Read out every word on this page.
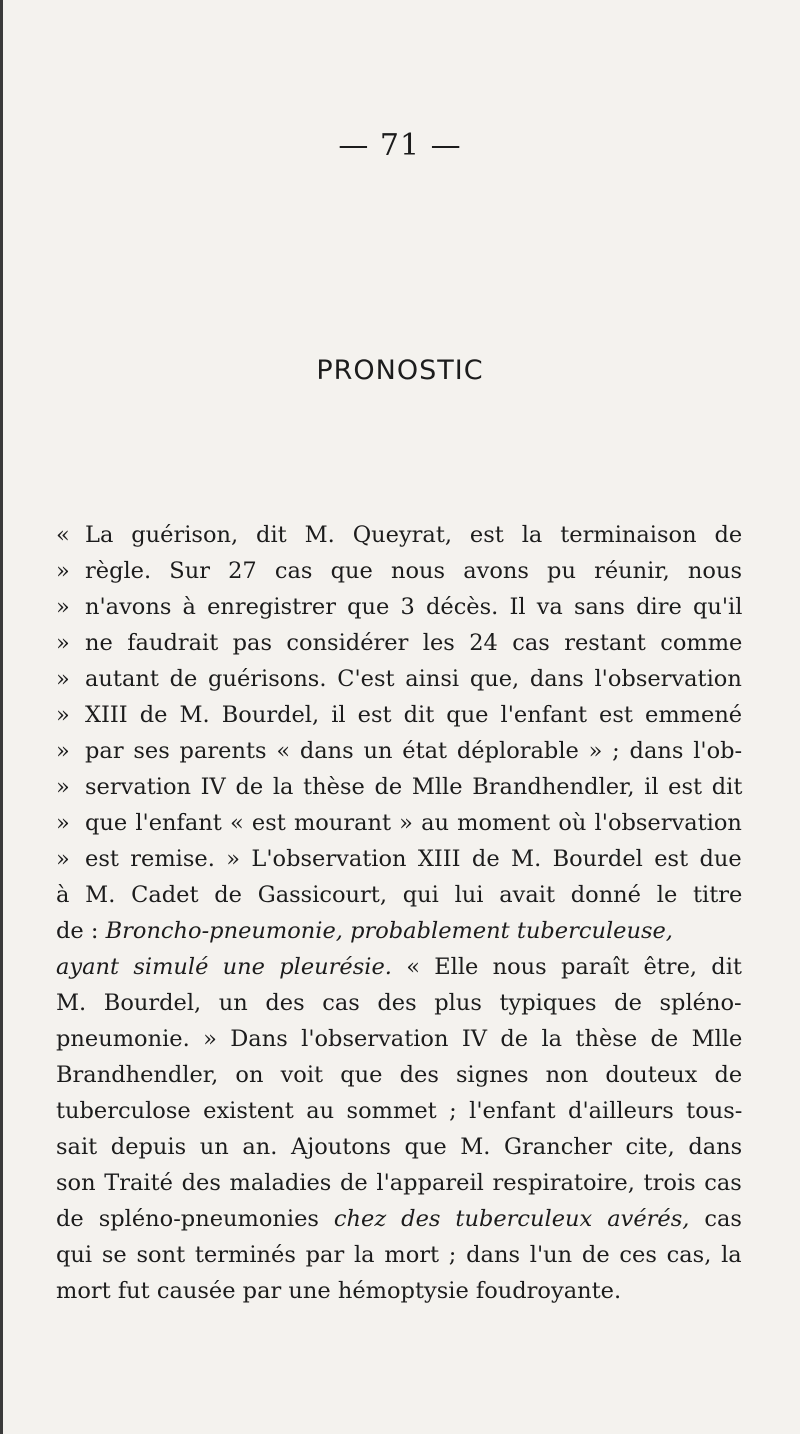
— 71 —
PRONOSTIC
« La guérison, dit M. Queyrat, est la terminaison de
» règle. Sur 27 cas que nous avons pu réunir, nous
» n'avons à enregistrer que 3 décès. Il va sans dire qu'il
» ne faudrait pas considérer les 24 cas restant comme
» autant de guérisons. C'est ainsi que, dans l'observation
» XIII de M. Bourdel, il est dit que l'enfant est emmené
» par ses parents « dans un état déplorable » ; dans l'ob-
» servation IV de la thèse de Mlle Brandhendler, il est dit
» que l'enfant « est mourant » au moment où l'observation
» est remise. » L'observation XIII de M. Bourdel est due
à M. Cadet de Gassicourt, qui lui avait donné le titre
de : Broncho-pneumonie, probablement tuberculeuse,
ayant simulé une pleurésie. « Elle nous paraît être, dit
M. Bourdel, un des cas des plus typiques de spléno-
pneumonie. » Dans l'observation IV de la thèse de Mlle
Brandhendler, on voit que des signes non douteux de
tuberculose existent au sommet ; l'enfant d'ailleurs tous-
sait depuis un an. Ajoutons que M. Grancher cite, dans
son Traité des maladies de l'appareil respiratoire, trois cas
de spléno-pneumonies chez des tuberculeux avérés, cas
qui se sont terminés par la mort ; dans l'un de ces cas, la
mort fut causée par une hémoptysie foudroyante.
